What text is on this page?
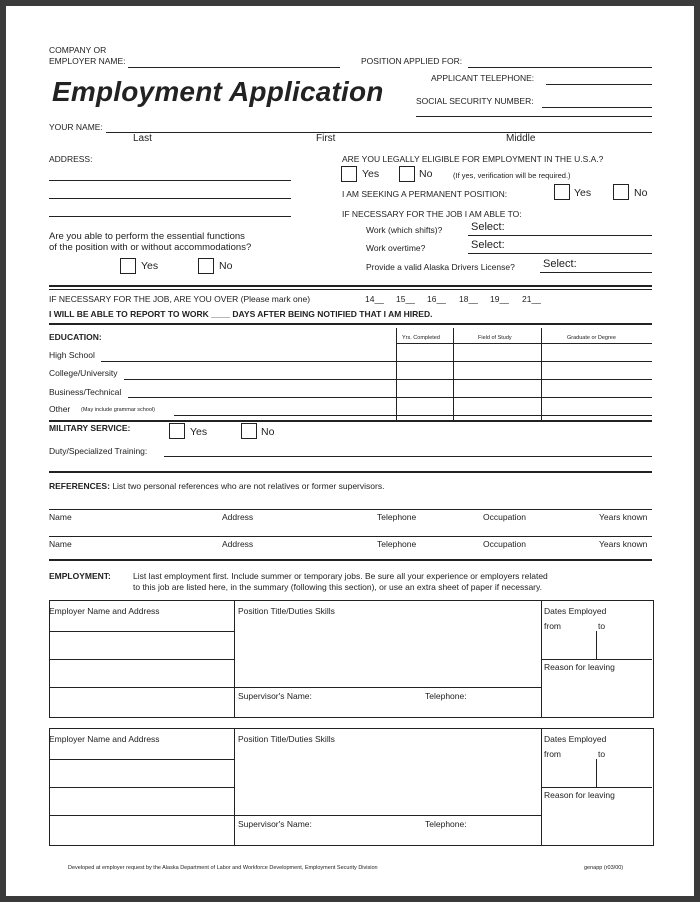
COMPANY OR
EMPLOYER NAME:	POSITION APPLIED FOR:
APPLICANT TELEPHONE:
Employment Application	SOCIAL SECURITY NUMBER:
YOUR NAME:
Last	First	Middle
ADDRESS:	ARE YOU LEGALLY ELIGIBLE FOR EMPLOYMENT IN THE U.S.A.?
Yes	No	(If yes, verification will be required.)
I AM SEEKING A PERMANENT POSITION:	Yes	No
IF NECESSARY FOR THE JOB I AM ABLE TO:
Work (which shifts)?	Select:
Work overtime?	Select:
Provide a valid Alaska Drivers License?	Select:
Are you able to perform the essential functions
of the position with or without accommodations?
Yes	No
IF NECESSARY FOR THE JOB, ARE YOU OVER (Please mark one)	14__ 15__ 16__ 18__ 19__ 21__
I WILL BE ABLE TO REPORT TO WORK ____ DAYS AFTER BEING NOTIFIED THAT I AM HIRED.
EDUCATION:	Yrs. Completed	Field of Study	Graduate or Degree
High School
College/University
Business/Technical
Other (May include grammar school)
MILITARY SERVICE:	Yes	No
Duty/Specialized Training:
REFERENCES: List two personal references who are not relatives or former supervisors.
Name	Address	Telephone	Occupation	Years known
Name	Address	Telephone	Occupation	Years known
EMPLOYMENT:	List last employment first. Include summer or temporary jobs. Be sure all your experience or employers related
to this job are listed here, in the summary (following this section), or use an extra sheet of paper if necessary.
Employer Name and Address	Position Title/Duties Skills
Supervisor's Name:	Telephone:
Dates Employed
from	to
Reason for leaving
Employer Name and Address	Position Title/Duties Skills
Supervisor's Name:	Telephone:
Dates Employed
from	to
Reason for leaving
Developed at employer request by the Alaska Department of Labor and Workforce Development, Employment Security Division	genapp (r03/00)
